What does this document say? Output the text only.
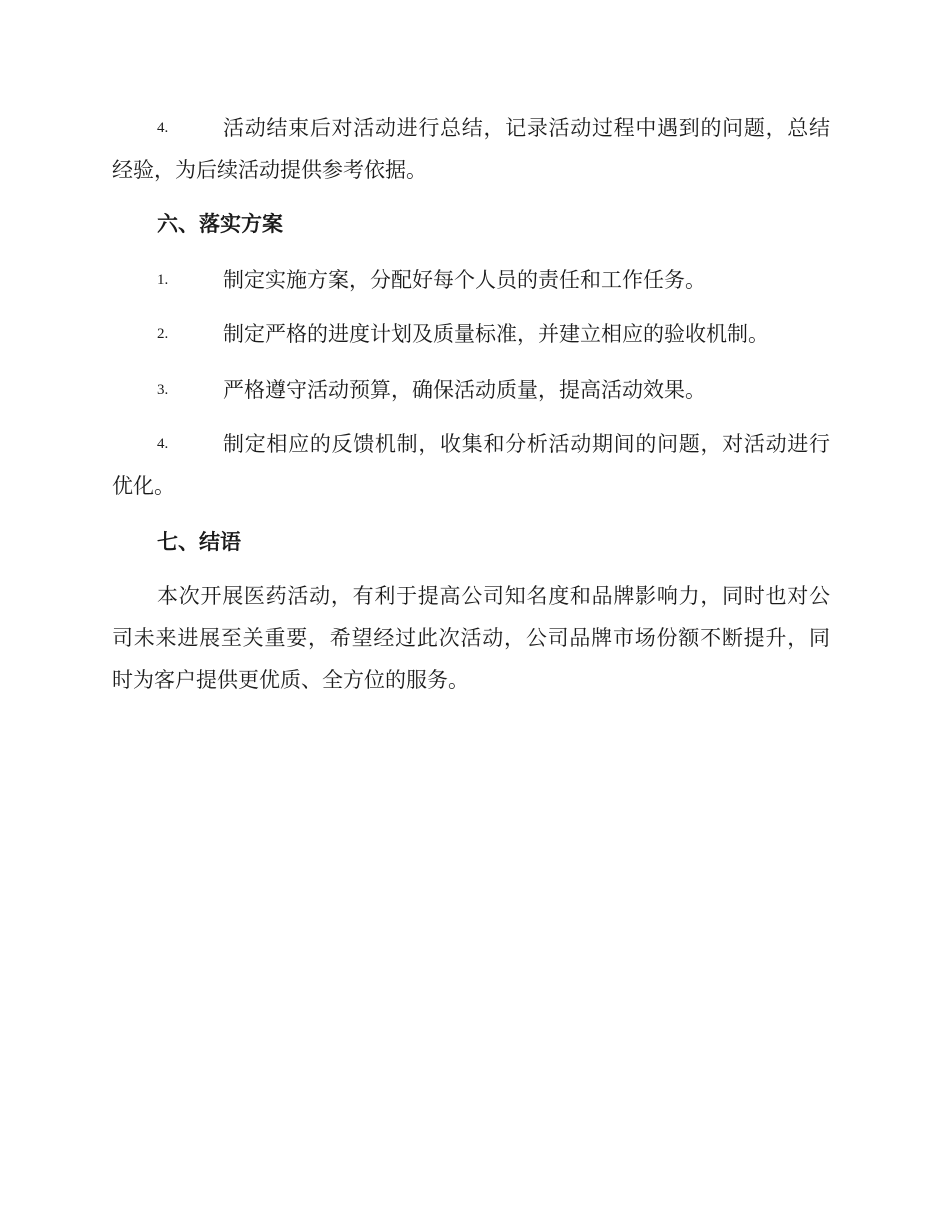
4.	活动结束后对活动进行总结，记录活动过程中遇到的问题，总结
经验，为后续活动提供参考依据。
六、落实方案
1.	制定实施方案，分配好每个人员的责任和工作任务。
2.	制定严格的进度计划及质量标准，并建立相应的验收机制。
3.	严格遵守活动预算，确保活动质量，提高活动效果。
4.	制定相应的反馈机制，收集和分析活动期间的问题，对活动进行
优化。
七、结语
本次开展医药活动，有利于提高公司知名度和品牌影响力，同时也对公
司未来进展至关重要，希望经过此次活动，公司品牌市场份额不断提升，同
时为客户提供更优质、全方位的服务。
